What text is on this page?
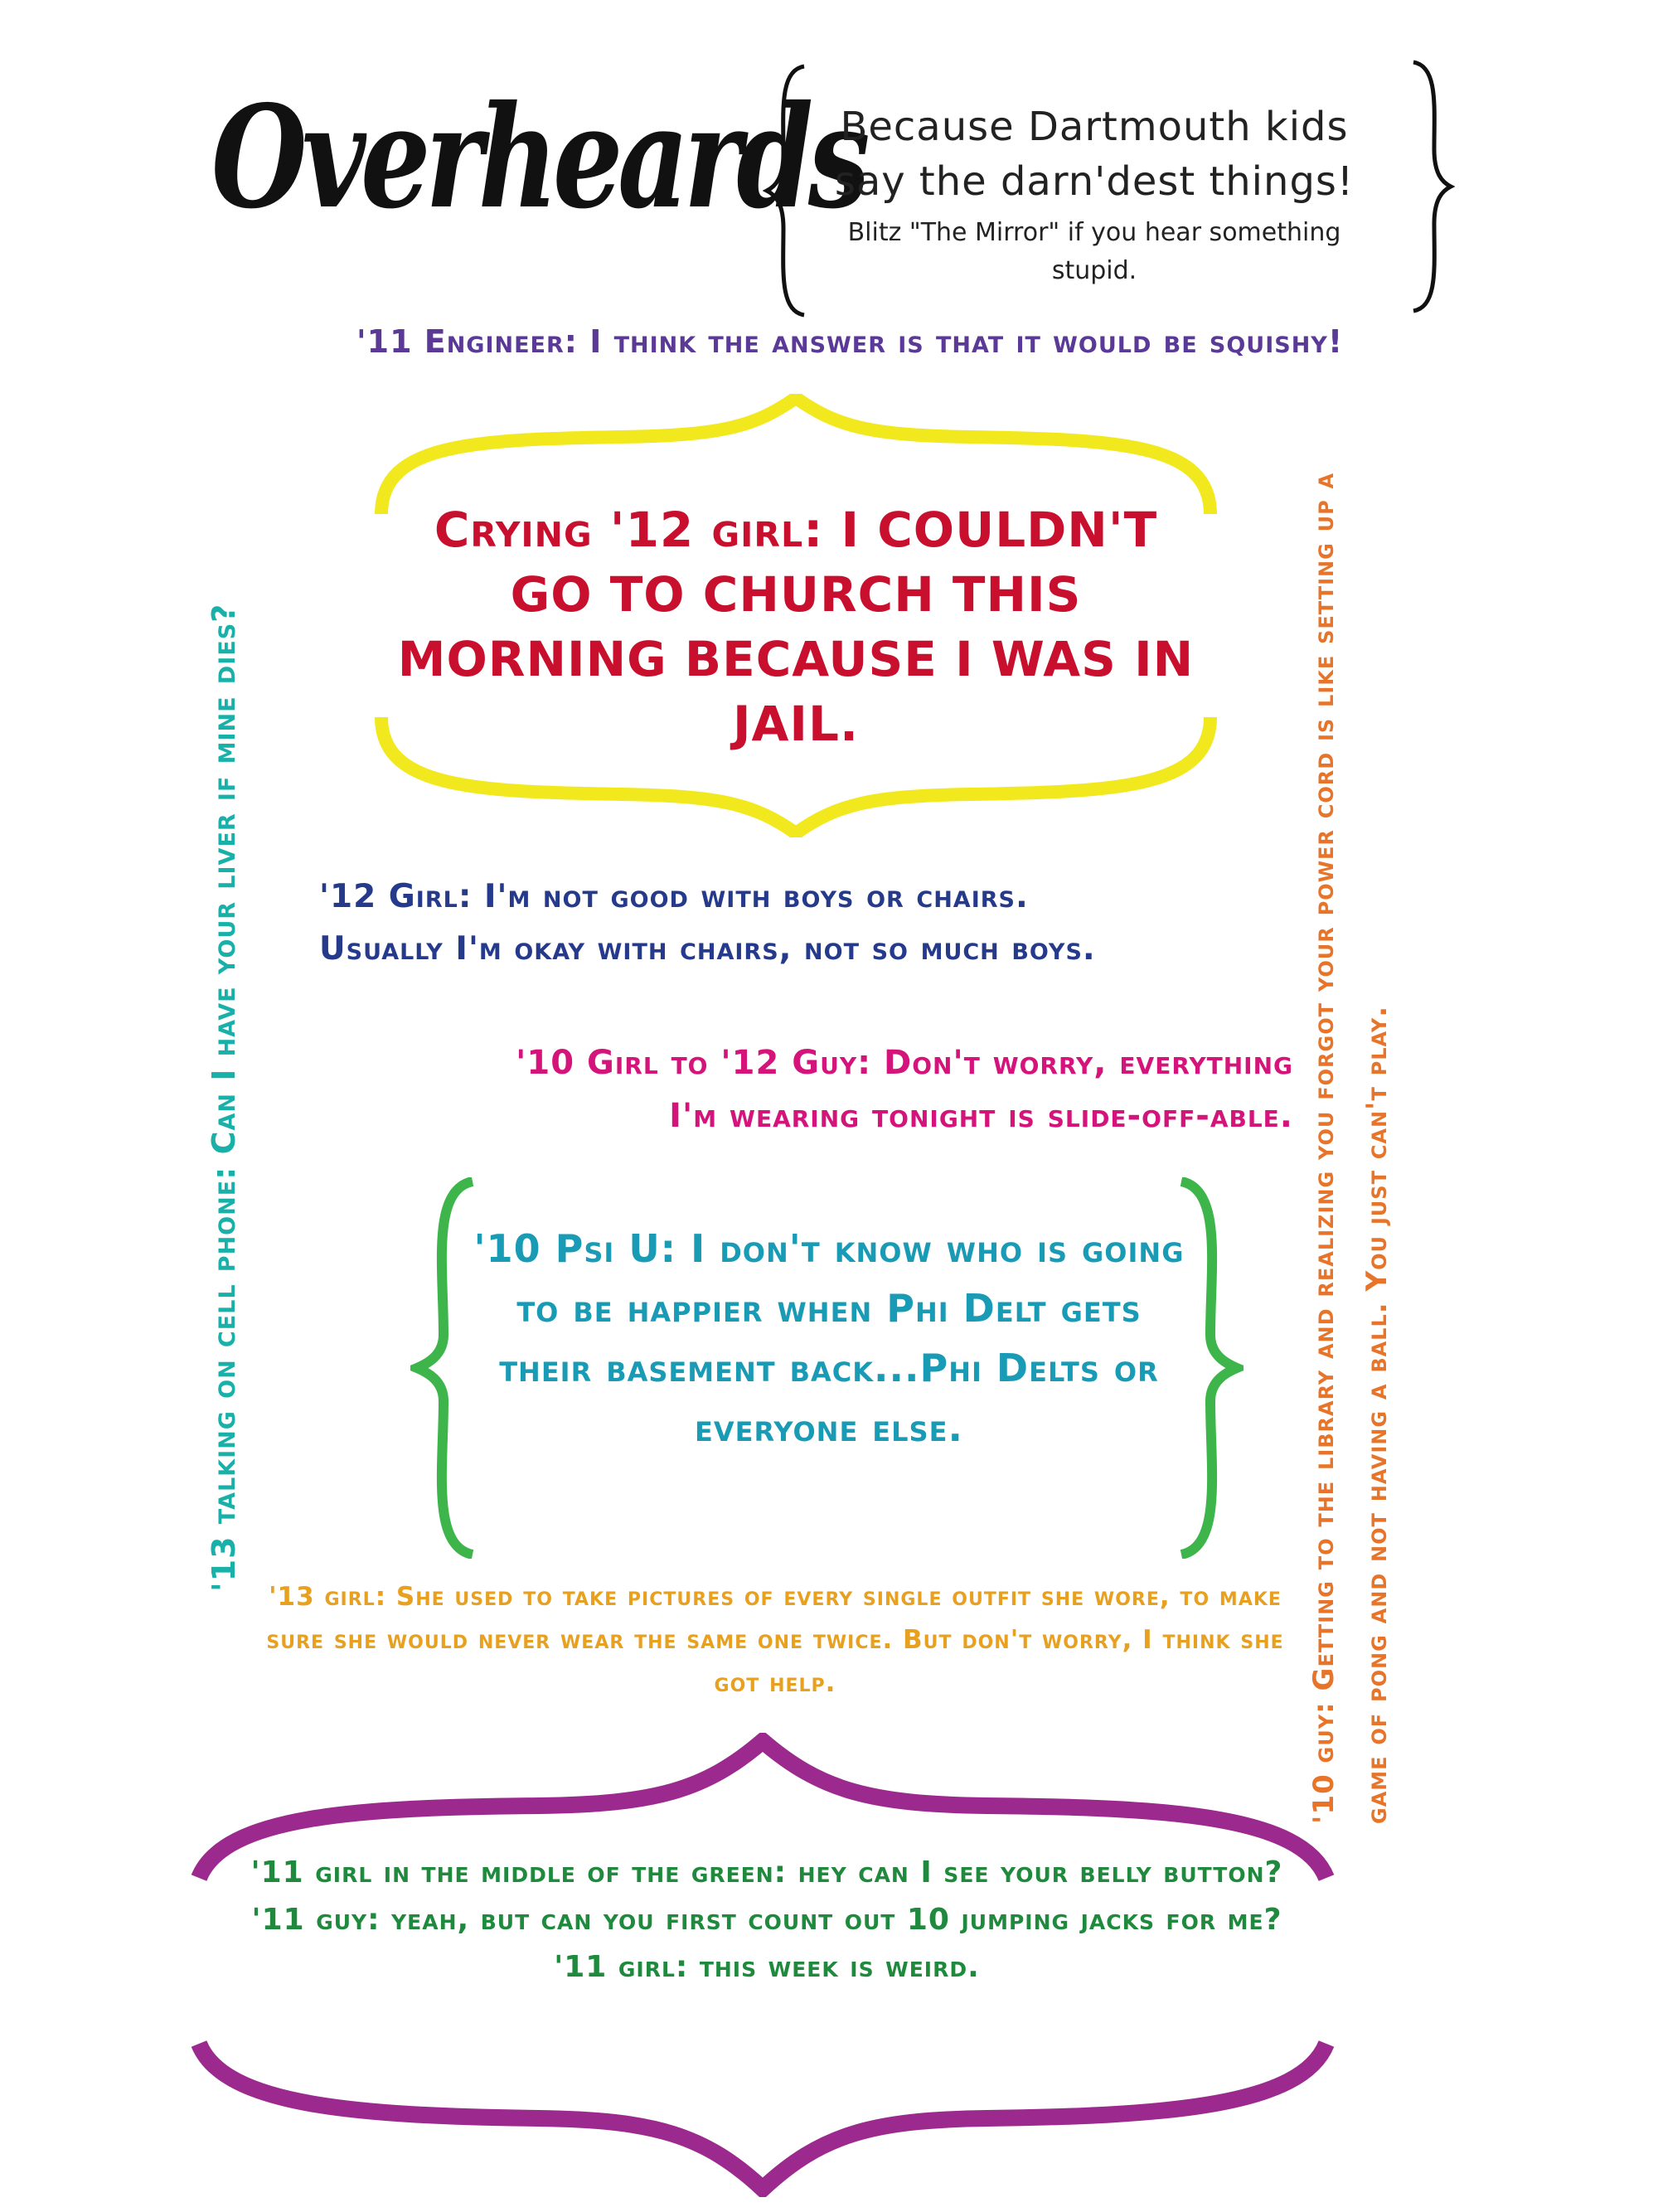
Overheards
Because Dartmouth kids say the darn'dest things!
Blitz "The Mirror" if you hear something stupid.
'11 Engineer: I think the answer is that it would be squishy!
Crying '12 girl: I COULDN'T GO TO CHURCH THIS MORNING BECAUSE I WAS IN JAIL.
'12 Girl: I'm not good with boys or chairs. Usually I'm okay with chairs, not so much boys.
'10 Girl to '12 Guy: Don't worry, everything
I'm wearing tonight is slide-off-able.
'10 Psi U: I don't know who is going to be happier when Phi Delt gets their basement back...Phi Delts or everyone else.
'13 girl: She used to take pictures of every single outfit she wore, to make sure she would never wear the same one twice. But don't worry, I think she got help.

'11 girl in the middle of the green: hey can I see your belly button?

'11 guy: yeah, but can you first count out 10 jumping jacks for me?

'11 girl: this week is weird.

'13 talking on cell phone: Can I have your liver if mine dies?	'10 guy: Getting to the library and realizing you forgot your power cord is like setting up a game of pong and not having a ball. You just can't play.
